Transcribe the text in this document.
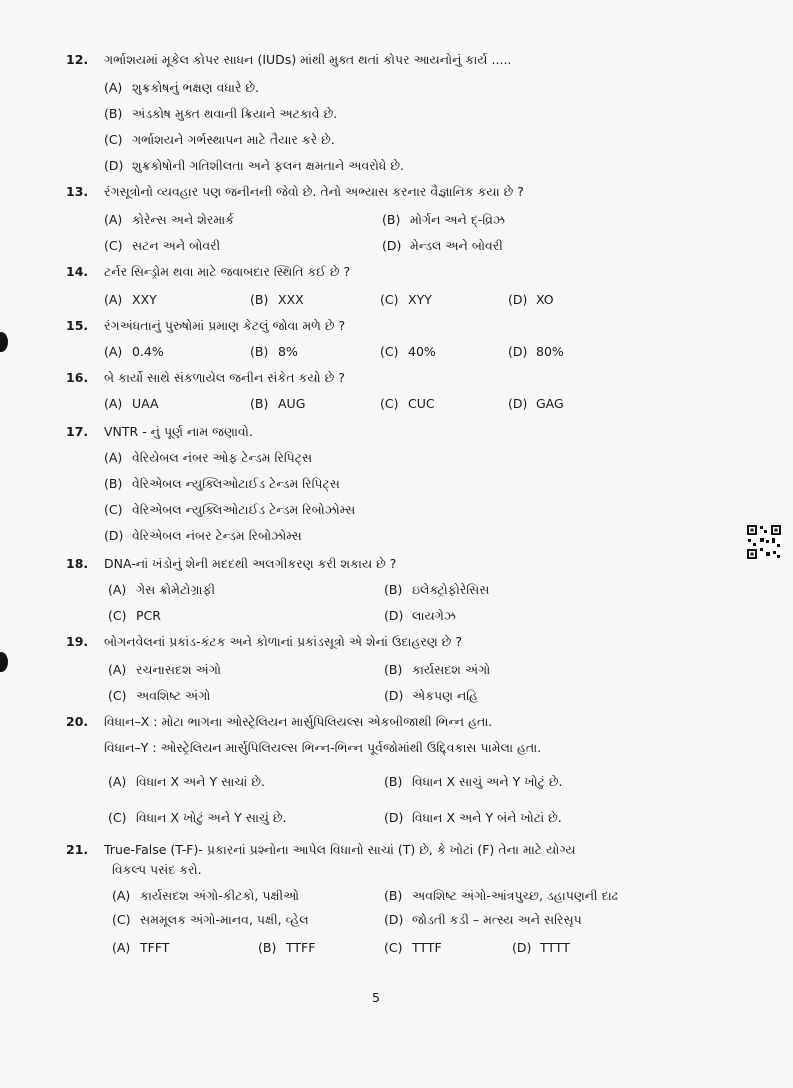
12. ગર્ભાશયમાં મૂકેલ કોપર સાધન (IUDs) માંથી મુક્ત થતાં કોપર આયનોનું કાર્ય .....
(A) શુક્રકોષનું ભક્ષણ વધારે છે.
(B) અંડકોષ મુક્ત થવાની ક્રિયાને અટકાવે છે.
(C) ગર્ભાશયને ગર્ભસ્થાપન માટે તૈયાર કરે છે.
(D) શુક્રકોષોની ગતિશીલતા અને ફલન ક્ષમતાને અવરોધે છે.
13. રંગસૂત્રોનો વ્યવહાર પણ જનીનની જેવો છે. તેનો અભ્યાસ કરનાર વૈજ્ઞાનિક કયા છે ?
(A) કોરેન્સ અને શેરમાર્ક	(B) મોર્ગન અને દ્-વ્રિઝ
(C) સટન અને બોવરી	(D) મેન્ડલ અને બોવરી
14. ટર્નર સિન્ડ્રોમ થવા માટે જવાબદાર સ્થિતિ કઈ છે ?
(A) XXY	(B) XXX	(C) XYY	(D) XO
15. રંગઅંધતાનું પુરુષોમાં પ્રમાણ કેટલું જોવા મળે છે ?
(A) 0.4%	(B) 8%	(C) 40%	(D) 80%
16. બે કાર્યો સાથે સંકળાયેલ જનીન સંકેત કયો છે ?
(A) UAA	(B) AUG	(C) CUC	(D) GAG
17. VNTR - નું પૂર્ણ નામ જણાવો.
(A) વેરિયેબલ નંબર ઓફ ટેન્ડમ રિપિટ્સ
(B) વેરિએબલ ન્યુક્લિઓટાઈડ ટેન્ડમ રિપિટ્સ
(C) વેરિએબલ ન્યુક્લિઓટાઈડ ટેન્ડમ રિબોઝોમ્સ
(D) વેરિએબલ નંબર ટેન્ડમ રિબોઝોમ્સ
18. DNA-નાં ખંડોનું શેની મદદથી અલગીકરણ કરી શકાય છે ?
(A) ગેસ ક્રોમેટોગ્રાફી	(B) ઇલેક્ટ્રોફોરેસિસ
(C) PCR	(D) લાયગેઝ
19. બોગનવેલનાં પ્રકાંડ-કંટક અને કોળાનાં પ્રકાંડસૂત્રો એ શેનાં ઉદાહરણ છે ?
(A) રચનાસદશ અંગો	(B) કાર્યસદશ અંગો
(C) અવશિષ્ટ અંગો	(D) એકપણ નહિ
20. વિધાન–X : મોટા ભાગના ઓસ્ટ્રેલિયન માર્સુપિલિયલ્સ એકબીજાથી ભિન્ન હતા.
વિધાન–Y : ઓસ્ટ્રેલિયન માર્સુપિલિયલ્સ ભિન્ન-ભિન્ન પૂર્વજોમાંથી ઉદ્દ્વિકાસ પામેલા હતા.
(A) વિધાન X અને Y સાચાં છે.	(B) વિધાન X સાચું અને Y ખોટું છે.
(C) વિધાન X ખોટું અને Y સાચું છે.	(D) વિધાન X અને Y બંને ખોટાં છે.
21. True-False (T-F)- પ્રકારનાં પ્રશ્નોના આપેલ વિધાનો સાચાં (T) છે, કે ખોટાં (F) તેના માટે યોગ્ય
વિકલ્પ પસંદ કરો.
(A) કાર્યસદશ અંગો-કીટકો, પક્ષીઓ	(B) અવશિષ્ટ અંગો-આંત્રપુચ્છ, ડહાપણની દાઢ
(C) સમમૂલક અંગો-માનવ, પક્ષી, વ્હેલ	(D) જોડતી કડી – મત્સ્ય અને સરિસૃપ
(A) TFFT	(B) TTFF	(C) TTTF	(D) TTTT
5
